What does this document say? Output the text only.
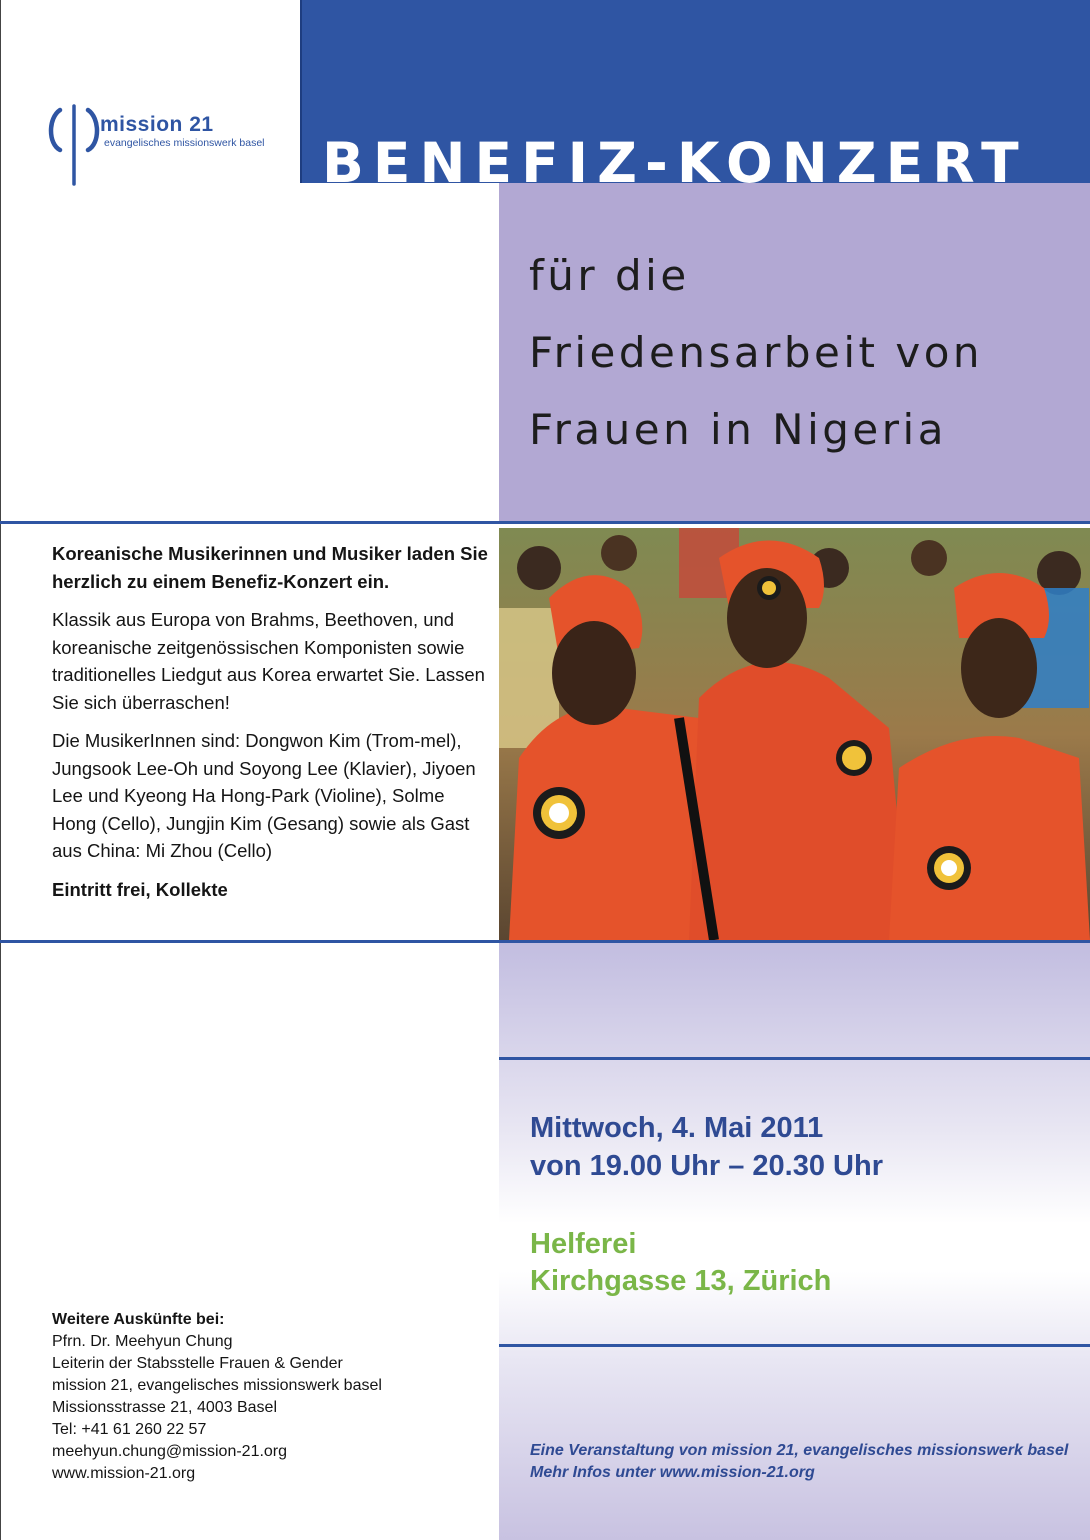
mission 21
evangelisches missionswerk basel BENEFIZ-KONZERT
für die
Friedensarbeit von
Frauen in Nigeria

Koreanische Musikerinnen und Musiker laden Sie herzlich zu einem Benefiz-Konzert ein.

Klassik aus Europa von Brahms, Beethoven, und koreanische zeitgenössischen Komponisten sowie traditionelles Liedgut aus Korea erwartet Sie. Lassen Sie sich überraschen!

Die MusikerInnen sind: Dongwon Kim (Trom-mel), Jungsook Lee-Oh und Soyong Lee (Klavier), Jiyoen Lee und Kyeong Ha Hong-Park (Violine), Solme Hong (Cello), Jungjin Kim (Gesang) sowie als Gast aus China: Mi Zhou (Cello)

Eintritt frei, Kollekte

Mittwoch, 4. Mai 2011
von 19.00 Uhr – 20.30 Uhr
Helferei
Kirchgasse 13, Zürich
Eine Veranstaltung von mission 21, evangelisches missionswerk basel
Mehr Infos unter www.mission-21.org
Weitere Auskünfte bei:
Pfrn. Dr. Meehyun Chung
Leiterin der Stabsstelle Frauen & Gender
mission 21, evangelisches missionswerk basel
Missionsstrasse 21, 4003 Basel
Tel: +41 61 260 22 57
meehyun.chung@mission-21.org
www.mission-21.org
